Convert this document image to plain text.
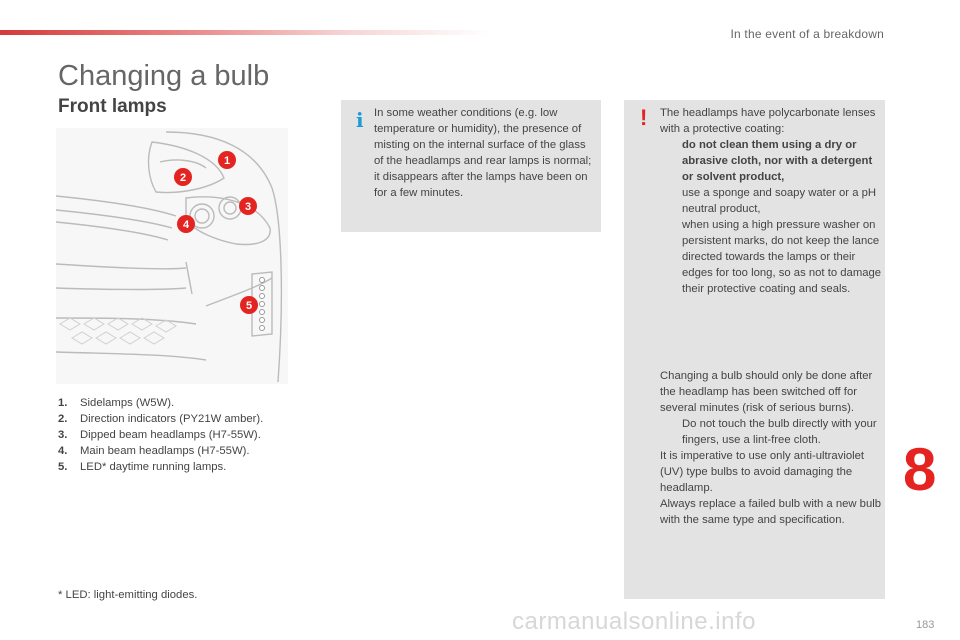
In the event of a breakdown
Changing a bulb
Front lamps
1
2
3
4
5
1. Sidelamps (W5W).
2. Direction indicators (PY21W amber).
3. Dipped beam headlamps (H7-55W).
4. Main beam headlamps (H7-55W).
5. LED* daytime running lamps.
* LED: light-emitting diodes.
i In some weather conditions (e.g. low temperature or humidity), the presence of misting on the internal surface of the glass of the headlamps and rear lamps is normal; it disappears after the lamps have been on for a few minutes.
! The headlamps have polycarbonate lenses with a protective coating:
do not clean them using a dry or abrasive cloth, nor with a detergent or solvent product,
use a sponge and soapy water or a pH neutral product,
when using a high pressure washer on persistent marks, do not keep the lance directed towards the lamps or their edges for too long, so as not to damage their protective coating and seals.
Changing a bulb should only be done after the headlamp has been switched off for several minutes (risk of serious burns).
Do not touch the bulb directly with your fingers, use a lint-free cloth.
It is imperative to use only anti-ultraviolet (UV) type bulbs to avoid damaging the headlamp.
Always replace a failed bulb with a new bulb with the same type and specification.
8
carmanualsonline.info	183
